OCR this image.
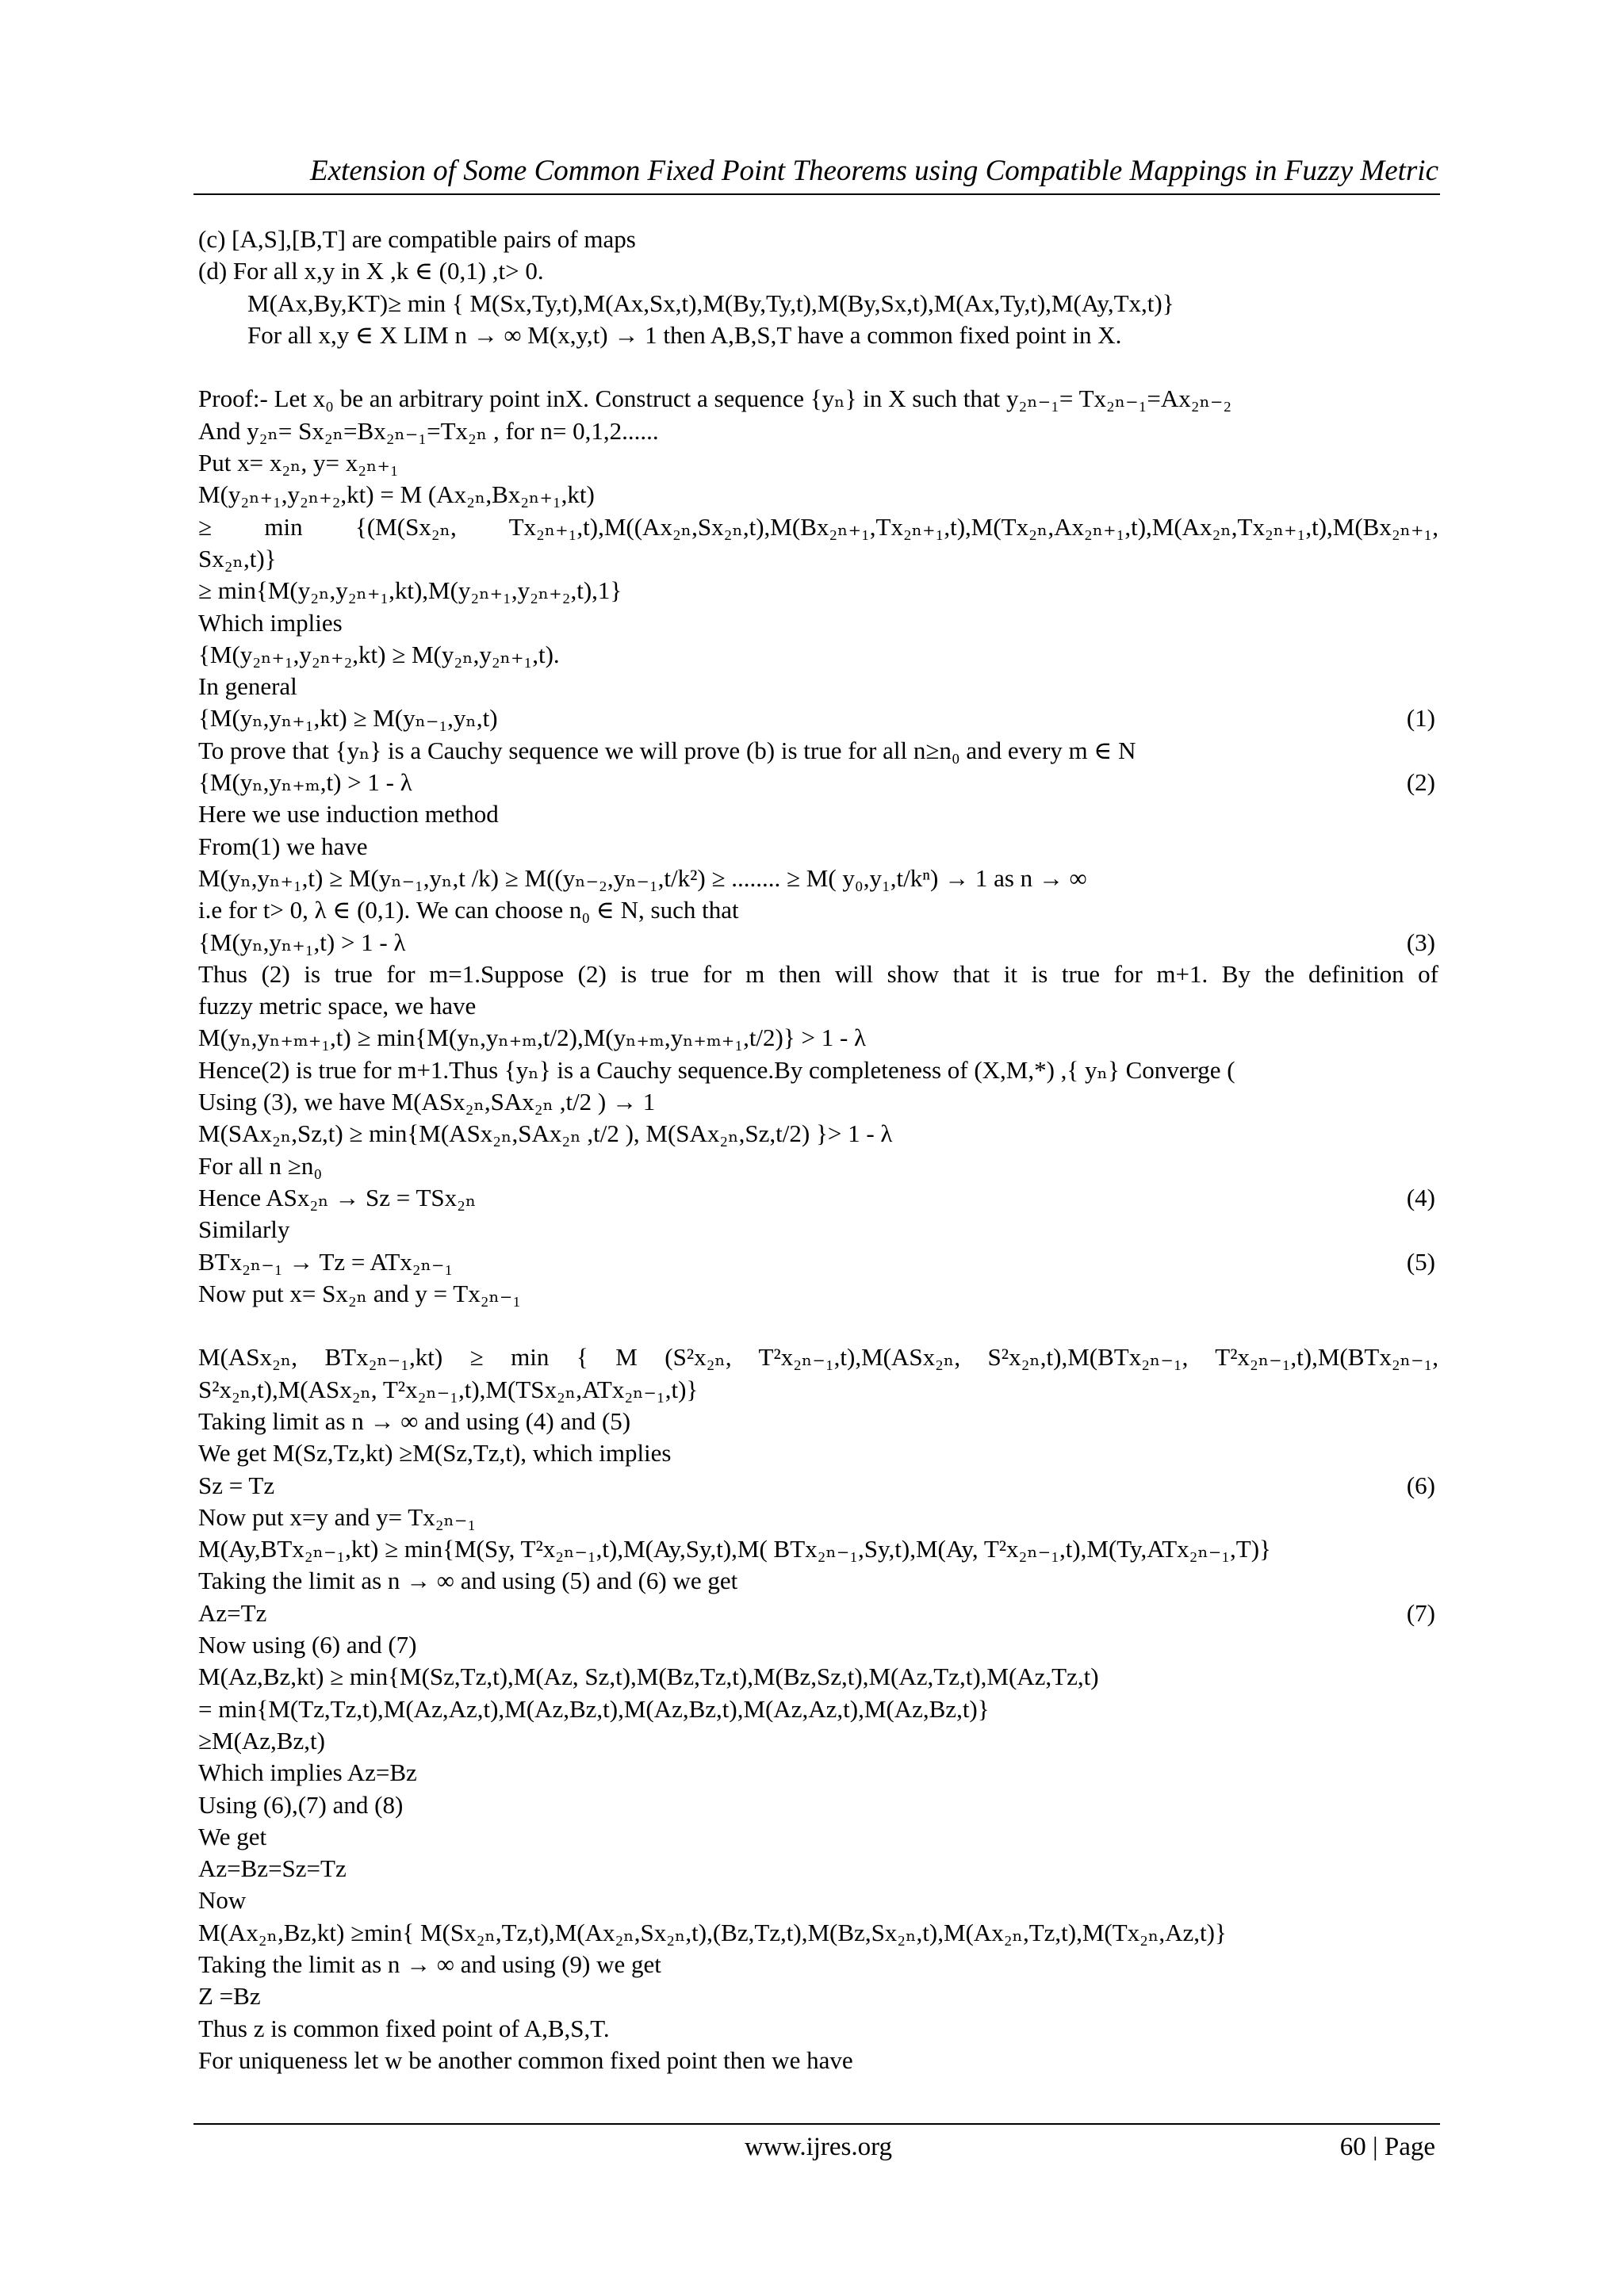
Extension of Some Common Fixed Point Theorems using Compatible Mappings in Fuzzy Metric
(c) [A,S],[B,T] are compatible pairs of maps
(d) For all x,y in X ,k ∈ (0,1) ,t> 0.
M(Ax,By,KT)≥ min { M(Sx,Ty,t),M(Ax,Sx,t),M(By,Ty,t),M(By,Sx,t),M(Ax,Ty,t),M(Ay,Tx,t)}
For all x,y ∈ X LIM n → ∞ M(x,y,t) → 1 then A,B,S,T have a common fixed point in X.
Proof:- Let x₀ be an arbitrary point inX. Construct a sequence {yₙ} in X such that y₂ₙ₋₁= Tx₂ₙ₋₁=Ax₂ₙ₋₂
And y₂ₙ= Sx₂ₙ=Bx₂ₙ₋₁=Tx₂ₙ , for n= 0,1,2......
Put x= x₂ₙ, y= x₂ₙ₊₁
M(y₂ₙ₊₁,y₂ₙ₊₂,kt) = M (Ax₂ₙ,Bx₂ₙ₊₁,kt)
≥ min {(M(Sx₂ₙ, Tx₂ₙ₊₁,t),M((Ax₂ₙ,Sx₂ₙ,t),M(Bx₂ₙ₊₁,Tx₂ₙ₊₁,t),M(Tx₂ₙ,Ax₂ₙ₊₁,t),M(Ax₂ₙ,Tx₂ₙ₊₁,t),M(Bx₂ₙ₊₁,
Sx₂ₙ,t)}
≥ min{M(y₂ₙ,y₂ₙ₊₁,kt),M(y₂ₙ₊₁,y₂ₙ₊₂,t),1}
Which implies
{M(y₂ₙ₊₁,y₂ₙ₊₂,kt) ≥ M(y₂ₙ,y₂ₙ₊₁,t).
In general
{M(yₙ,yₙ₊₁,kt) ≥ M(yₙ₋₁,yₙ,t)	(1)
To prove that {yₙ} is a Cauchy sequence we will prove (b) is true for all n≥n₀ and every m ∈ N
{M(yₙ,yₙ₊ₘ,t) > 1 - λ	(2)
Here we use induction method
From(1) we have
M(yₙ,yₙ₊₁,t) ≥ M(yₙ₋₁,yₙ,t /k) ≥ M((yₙ₋₂,yₙ₋₁,t/k²) ≥ ........ ≥ M( y₀,y₁,t/kⁿ) → 1 as n → ∞
i.e for t> 0, λ ∈ (0,1). We can choose n₀ ∈ N, such that
{M(yₙ,yₙ₊₁,t) > 1 - λ	(3)
Thus (2) is true for m=1.Suppose (2) is true for m then will show that it is true for m+1. By the definition of
fuzzy metric space, we have
M(yₙ,yₙ₊ₘ₊₁,t) ≥ min{M(yₙ,yₙ₊ₘ,t/2),M(yₙ₊ₘ,yₙ₊ₘ₊₁,t/2)} > 1 - λ
Hence(2) is true for m+1.Thus {yₙ} is a Cauchy sequence.By completeness of (X,M,*) ,{ yₙ} Converge (
Using (3), we have M(ASx₂ₙ,SAx₂ₙ ,t/2 ) → 1
M(SAx₂ₙ,Sz,t) ≥ min{M(ASx₂ₙ,SAx₂ₙ ,t/2 ), M(SAx₂ₙ,Sz,t/2) }> 1 - λ
For all n ≥n₀
Hence ASx₂ₙ → Sz = TSx₂ₙ	(4)
Similarly
BTx₂ₙ₋₁ → Tz = ATx₂ₙ₋₁	(5)
Now put x= Sx₂ₙ and y = Tx₂ₙ₋₁
M(ASx₂ₙ, BTx₂ₙ₋₁,kt) ≥ min { M (S²x₂ₙ, T²x₂ₙ₋₁,t),M(ASx₂ₙ, S²x₂ₙ,t),M(BTx₂ₙ₋₁, T²x₂ₙ₋₁,t),M(BTx₂ₙ₋₁,
S²x₂ₙ,t),M(ASx₂ₙ, T²x₂ₙ₋₁,t),M(TSx₂ₙ,ATx₂ₙ₋₁,t)}
Taking limit as n → ∞ and using (4) and (5)
We get M(Sz,Tz,kt) ≥M(Sz,Tz,t), which implies
Sz = Tz	(6)
Now put x=y and y= Tx₂ₙ₋₁
M(Ay,BTx₂ₙ₋₁,kt) ≥ min{M(Sy, T²x₂ₙ₋₁,t),M(Ay,Sy,t),M( BTx₂ₙ₋₁,Sy,t),M(Ay, T²x₂ₙ₋₁,t),M(Ty,ATx₂ₙ₋₁,T)}
Taking the limit as n → ∞ and using (5) and (6) we get
Az=Tz	(7)
Now using (6) and (7)
M(Az,Bz,kt) ≥ min{M(Sz,Tz,t),M(Az, Sz,t),M(Bz,Tz,t),M(Bz,Sz,t),M(Az,Tz,t),M(Az,Tz,t)
= min{M(Tz,Tz,t),M(Az,Az,t),M(Az,Bz,t),M(Az,Bz,t),M(Az,Az,t),M(Az,Bz,t)}
≥M(Az,Bz,t)
Which implies Az=Bz
Using (6),(7) and (8)
We get
Az=Bz=Sz=Tz
Now
M(Ax₂ₙ,Bz,kt) ≥min{ M(Sx₂ₙ,Tz,t),M(Ax₂ₙ,Sx₂ₙ,t),(Bz,Tz,t),M(Bz,Sx₂ₙ,t),M(Ax₂ₙ,Tz,t),M(Tx₂ₙ,Az,t)}
Taking the limit as n → ∞ and using (9) we get
Z =Bz
Thus z is common fixed point of A,B,S,T.
For uniqueness let w be another common fixed point then we have
www.ijres.org	60 | Page
